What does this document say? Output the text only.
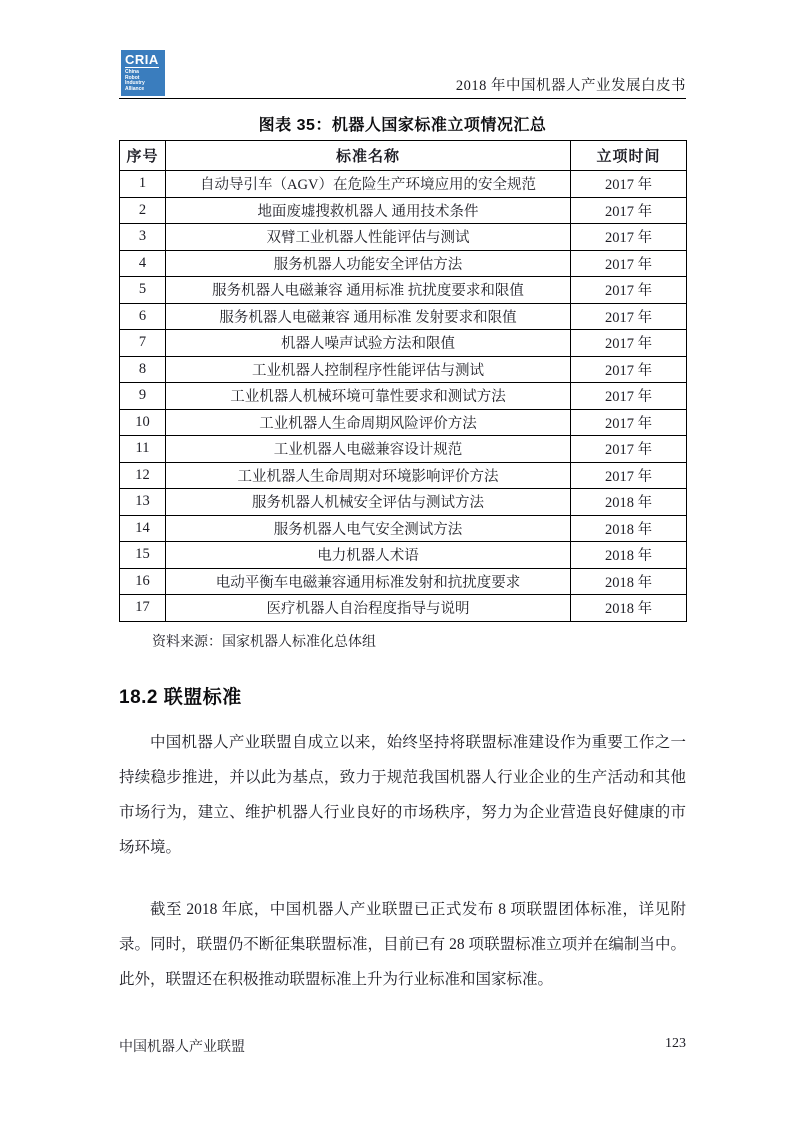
CRIA
China
Robot
Industry
Alliance	2018 年中国机器人产业发展白皮书

图表 35：机器人国家标准立项情况汇总

序号	标准名称	立项时间
1	自动导引车（AGV）在危险生产环境应用的安全规范	2017 年
2	地面废墟搜救机器人 通用技术条件	2017 年
3	双臂工业机器人性能评估与测试	2017 年
4	服务机器人功能安全评估方法	2017 年
5	服务机器人电磁兼容 通用标准 抗扰度要求和限值	2017 年
6	服务机器人电磁兼容 通用标准 发射要求和限值	2017 年
7	机器人噪声试验方法和限值	2017 年
8	工业机器人控制程序性能评估与测试	2017 年
9	工业机器人机械环境可靠性要求和测试方法	2017 年
10	工业机器人生命周期风险评价方法	2017 年
11	工业机器人电磁兼容设计规范	2017 年
12	工业机器人生命周期对环境影响评价方法	2017 年
13	服务机器人机械安全评估与测试方法	2018 年
14	服务机器人电气安全测试方法	2018 年
15	电力机器人术语	2018 年
16	电动平衡车电磁兼容通用标准发射和抗扰度要求	2018 年
17	医疗机器人自治程度指导与说明	2018 年

资料来源：国家机器人标准化总体组

18.2 联盟标准

中国机器人产业联盟自成立以来，始终坚持将联盟标准建设作为重要工作之一持续稳步推进，并以此为基点，致力于规范我国机器人行业企业的生产活动和其他市场行为，建立、维护机器人行业良好的市场秩序，努力为企业营造良好健康的市场环境。

截至 2018 年底，中国机器人产业联盟已正式发布 8 项联盟团体标准，详见附录。同时，联盟仍不断征集联盟标准，目前已有 28 项联盟标准立项并在编制当中。此外，联盟还在积极推动联盟标准上升为行业标准和国家标准。

中国机器人产业联盟	123
